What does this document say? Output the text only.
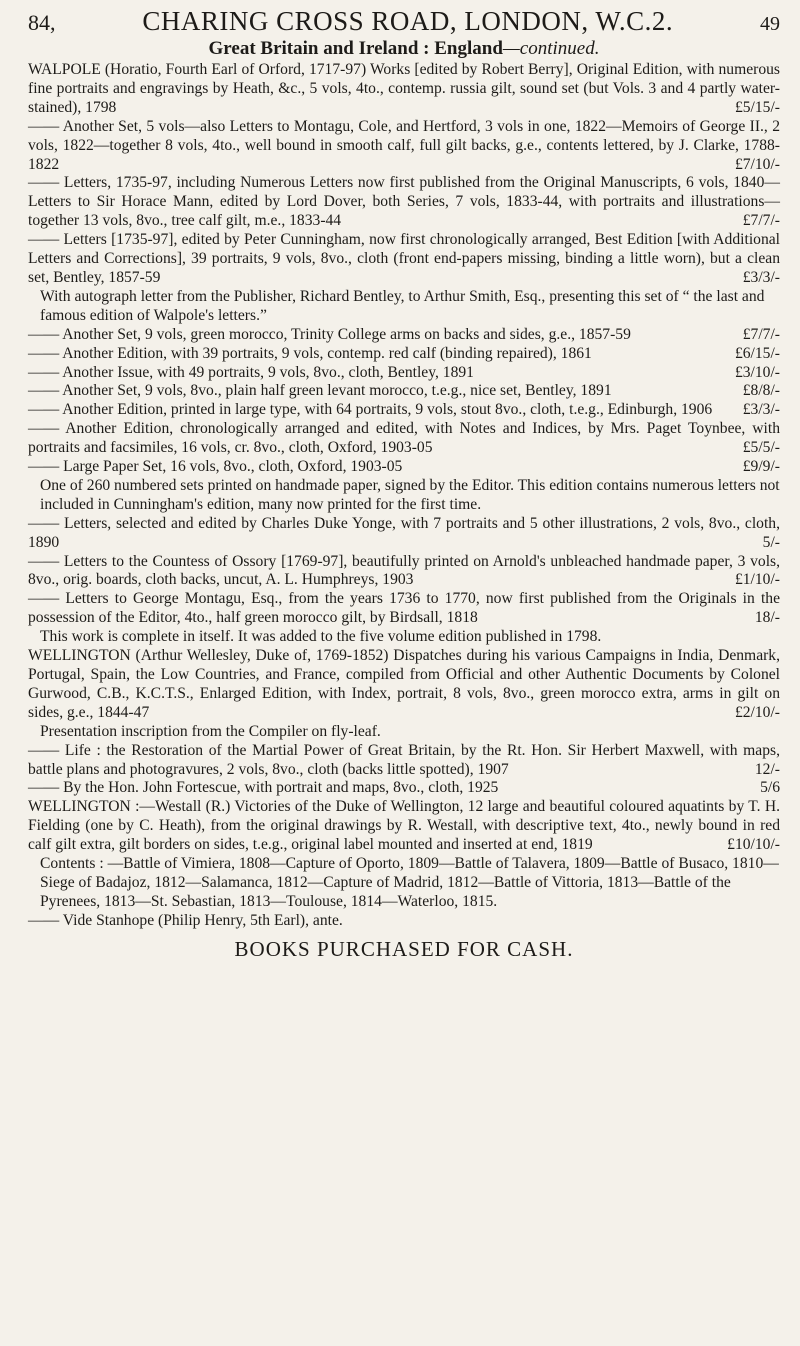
84,	CHARING CROSS ROAD, LONDON, W.C.2.	49
Great Britain and Ireland : England—continued.

WALPOLE (Horatio, Fourth Earl of Orford, 1717-97) Works [edited by Robert Berry], Original Edition, with numerous fine portraits and engravings by Heath, &c., 5 vols, 4to., contemp. russia gilt, sound set (but Vols. 3 and 4 partly water-stained), 1798	£5/15/-

—— Another Set, 5 vols—also Letters to Montagu, Cole, and Hertford, 3 vols in one, 1822—Memoirs of George II., 2 vols, 1822—together 8 vols, 4to., well bound in smooth calf, full gilt backs, g.e., contents lettered, by J. Clarke, 1788-1822	£7/10/-

—— Letters, 1735-97, including Numerous Letters now first published from the Original Manuscripts, 6 vols, 1840—Letters to Sir Horace Mann, edited by Lord Dover, both Series, 7 vols, 1833-44, with portraits and illustrations—together 13 vols, 8vo., tree calf gilt, m.e., 1833-44	£7/7/-

—— Letters [1735-97], edited by Peter Cunningham, now first chronologically arranged, Best Edition [with Additional Letters and Corrections], 39 portraits, 9 vols, 8vo., cloth (front end-papers missing, binding a little worn), but a clean set, Bentley, 1857-59	£3/3/-

With autograph letter from the Publisher, Richard Bentley, to Arthur Smith, Esq., presenting this set of “ the last and famous edition of Walpole's letters.”

—— Another Set, 9 vols, green morocco, Trinity College arms on backs and sides, g.e., 1857-59	£7/7/-

—— Another Edition, with 39 portraits, 9 vols, contemp. red calf (binding repaired), 1861	£6/15/-

—— Another Issue, with 49 portraits, 9 vols, 8vo., cloth, Bentley, 1891	£3/10/-

—— Another Set, 9 vols, 8vo., plain half green levant morocco, t.e.g., nice set, Bentley, 1891	£8/8/-

—— Another Edition, printed in large type, with 64 portraits, 9 vols, stout 8vo., cloth, t.e.g., Edinburgh, 1906	£3/3/-

—— Another Edition, chronologically arranged and edited, with Notes and Indices, by Mrs. Paget Toynbee, with portraits and facsimiles, 16 vols, cr. 8vo., cloth, Oxford, 1903-05	£5/5/-

—— Large Paper Set, 16 vols, 8vo., cloth, Oxford, 1903-05	£9/9/-

One of 260 numbered sets printed on handmade paper, signed by the Editor. This edition contains numerous letters not included in Cunningham's edition, many now printed for the first time.

—— Letters, selected and edited by Charles Duke Yonge, with 7 portraits and 5 other illustrations, 2 vols, 8vo., cloth, 1890	5/-

—— Letters to the Countess of Ossory [1769-97], beautifully printed on Arnold's unbleached handmade paper, 3 vols, 8vo., orig. boards, cloth backs, uncut, A. L. Humphreys, 1903	£1/10/-

—— Letters to George Montagu, Esq., from the years 1736 to 1770, now first published from the Originals in the possession of the Editor, 4to., half green morocco gilt, by Birdsall, 1818	18/-

This work is complete in itself. It was added to the five volume edition published in 1798.

WELLINGTON (Arthur Wellesley, Duke of, 1769-1852) Dispatches during his various Campaigns in India, Denmark, Portugal, Spain, the Low Countries, and France, compiled from Official and other Authentic Documents by Colonel Gurwood, C.B., K.C.T.S., Enlarged Edition, with Index, portrait, 8 vols, 8vo., green morocco extra, arms in gilt on sides, g.e., 1844-47	£2/10/-

Presentation inscription from the Compiler on fly-leaf.

—— Life : the Restoration of the Martial Power of Great Britain, by the Rt. Hon. Sir Herbert Maxwell, with maps, battle plans and photogravures, 2 vols, 8vo., cloth (backs little spotted), 1907	12/-

—— By the Hon. John Fortescue, with portrait and maps, 8vo., cloth, 1925	5/6

WELLINGTON :—Westall (R.) Victories of the Duke of Wellington, 12 large and beautiful coloured aquatints by T. H. Fielding (one by C. Heath), from the original drawings by R. Westall, with descriptive text, 4to., newly bound in red calf gilt extra, gilt borders on sides, t.e.g., original label mounted and inserted at end, 1819	£10/10/-

Contents : —Battle of Vimiera, 1808—Capture of Oporto, 1809—Battle of Talavera, 1809—Battle of Busaco, 1810—Siege of Badajoz, 1812—Salamanca, 1812—Capture of Madrid, 1812—Battle of Vittoria, 1813—Battle of the Pyrenees, 1813—St. Sebastian, 1813—Toulouse, 1814—Waterloo, 1815.

—— Vide Stanhope (Philip Henry, 5th Earl), ante.

BOOKS PURCHASED FOR CASH.
